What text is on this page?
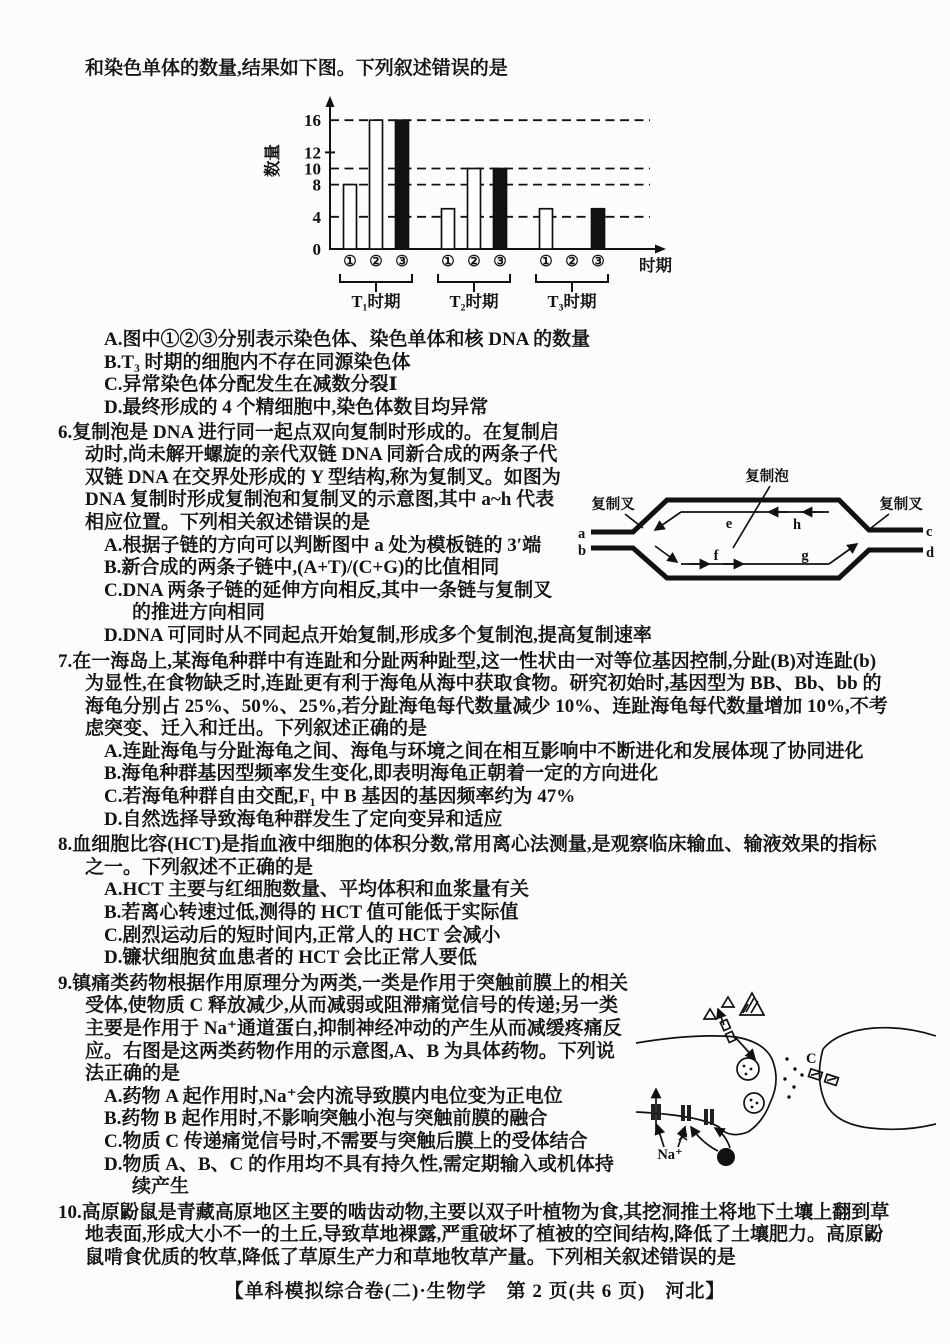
和染色单体的数量,结果如下图。下列叙述错误的是

0
4
8
10
12
16
① ② ③
T₁时期
① ② ③
T₂时期
① ② ③
T₃时期
数量
时期

A.图中①②③分别表示染色体、染色单体和核 DNA 的数量

B.T₃ 时期的细胞内不存在同源染色体

C.异常染色体分配发生在减数分裂Ⅰ

D.最终形成的 4 个精细胞中,染色体数目均异常

复制泡
复制叉	复制叉
a
b
c
d
e	h
f	g

6.复制泡是 DNA 进行同一起点双向复制时形成的。在复制启动时,尚未解开螺旋的亲代双链 DNA 同新合成的两条子代双链 DNA 在交界处形成的 Y 型结构,称为复制叉。如图为 DNA 复制时形成复制泡和复制叉的示意图,其中 a~h 代表相应位置。下列相关叙述错误的是

A.根据子链的方向可以判断图中 a 处为模板链的 3′端

B.新合成的两条子链中,(A+T)/(C+G)的比值相同

C.DNA 两条子链的延伸方向相反,其中一条链与复制叉的推进方向相同

D.DNA 可同时从不同起点开始复制,形成多个复制泡,提高复制速率

7.在一海岛上,某海龟种群中有连趾和分趾两种趾型,这一性状由一对等位基因控制,分趾(B)对连趾(b)为显性,在食物缺乏时,连趾更有利于海龟从海中获取食物。研究初始时,基因型为 BB、Bb、bb 的海龟分别占 25%、50%、25%,若分趾海龟每代数量减少 10%、连趾海龟每代数量增加 10%,不考虑突变、迁入和迁出。下列叙述正确的是

A.连趾海龟与分趾海龟之间、海龟与环境之间在相互影响中不断进化和发展体现了协同进化

B.海龟种群基因型频率发生变化,即表明海龟正朝着一定的方向进化

C.若海龟种群自由交配,F₁ 中 B 基因的基因频率约为 47%

D.自然选择导致海龟种群发生了定向变异和适应

8.血细胞比容(HCT)是指血液中细胞的体积分数,常用离心法测量,是观察临床输血、输液效果的指标之一。下列叙述不正确的是

A.HCT 主要与红细胞数量、平均体积和血浆量有关

B.若离心转速过低,测得的 HCT 值可能低于实际值

C.剧烈运动后的短时间内,正常人的 HCT 会减小

D.镰状细胞贫血患者的 HCT 会比正常人要低

C
Na⁺

9.镇痛类药物根据作用原理分为两类,一类是作用于突触前膜上的相关受体,使物质 C 释放减少,从而减弱或阻滞痛觉信号的传递;另一类主要是作用于 Na⁺通道蛋白,抑制神经冲动的产生从而减缓疼痛反应。右图是这两类药物作用的示意图,A、B 为具体药物。下列说法正确的是

A.药物 A 起作用时,Na⁺会内流导致膜内电位变为正电位

B.药物 B 起作用时,不影响突触小泡与突触前膜的融合

C.物质 C 传递痛觉信号时,不需要与突触后膜上的受体结合

D.物质 A、B、C 的作用均不具有持久性,需定期输入或机体持续产生

10.高原鼢鼠是青藏高原地区主要的啮齿动物,主要以双子叶植物为食,其挖洞推土将地下土壤上翻到草地表面,形成大小不一的土丘,导致草地裸露,严重破坏了植被的空间结构,降低了土壤肥力。高原鼢鼠啃食优质的牧草,降低了草原生产力和草地牧草产量。下列相关叙述错误的是

【单科模拟综合卷(二)·生物学　第 2 页(共 6 页)　河北】
